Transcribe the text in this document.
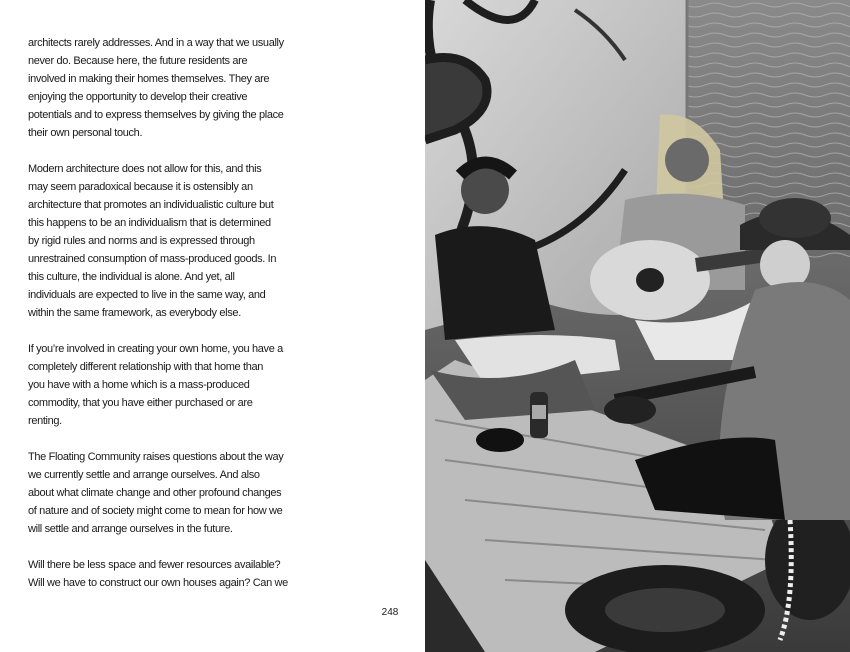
architects rarely addresses. And in a way that we usually
never do. Because here, the future residents are
involved in making their homes themselves. They are
enjoying the opportunity to develop their creative
potentials and to express themselves by giving the place
their own personal touch.

Modern architecture does not allow for this, and this
may seem paradoxical because it is ostensibly an
architecture that promotes an individualistic culture but
this happens to be an individualism that is determined
by rigid rules and norms and is expressed through
unrestrained consumption of mass-produced goods. In
this culture, the individual is alone. And yet, all
individuals are expected to live in the same way, and
within the same framework, as everybody else.

If you’re involved in creating your own home, you have a
completely different relationship with that home than
you have with a home which is a mass-produced
commodity, that you have either purchased or are
renting.

The Floating Community raises questions about the way
we currently settle and arrange ourselves. And also
about what climate change and other profound changes
of nature and of society might come to mean for how we
will settle and arrange ourselves in the future.

Will there be less space and fewer resources available?
Will we have to construct our own houses again? Can we

248
